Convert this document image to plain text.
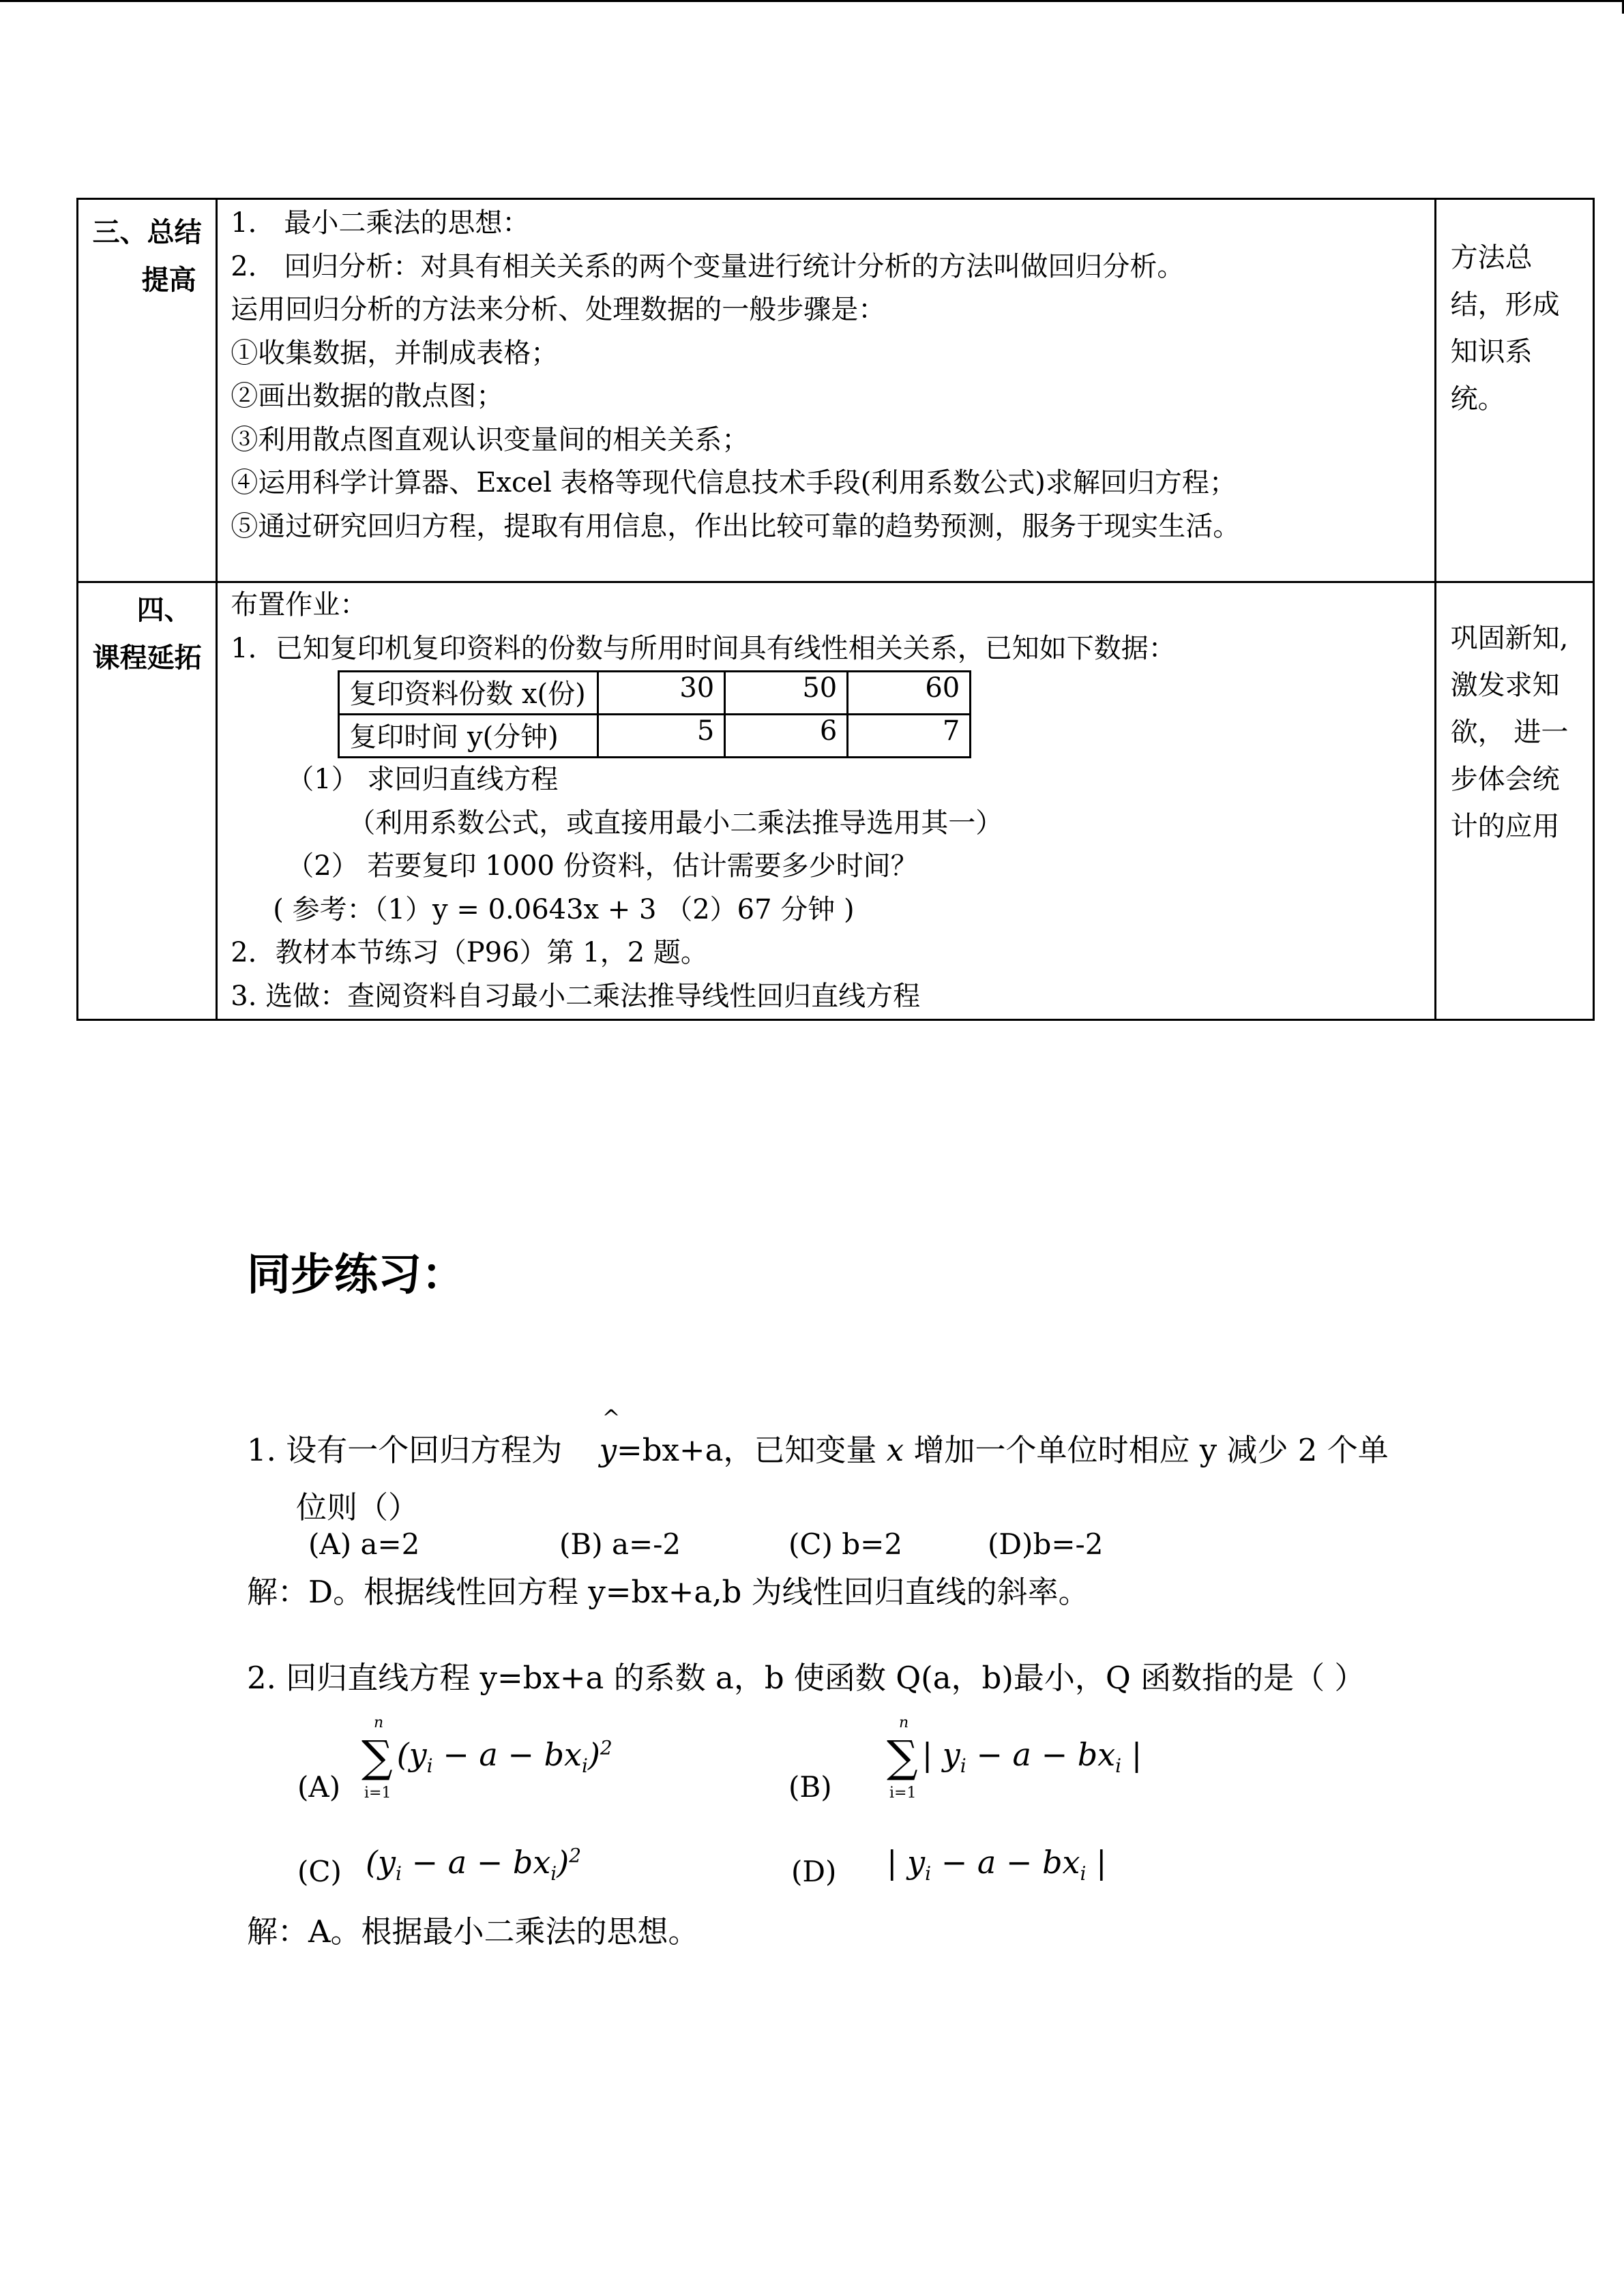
三、总结
提高

1． 最小二乘法的思想：
2． 回归分析：对具有相关关系的两个变量进行统计分析的方法叫做回归分析。
运用回归分析的方法来分析、处理数据的一般步骤是：
①收集数据，并制成表格；
②画出数据的散点图；
③利用散点图直观认识变量间的相关关系；
④运用科学计算器、Excel 表格等现代信息技术手段(利用系数公式)求解回归方程；
⑤通过研究回归方程，提取有用信息，作出比较可靠的趋势预测，服务于现实生活。

方法总

结，形成

知识系

统。

四、
课程延拓

布置作业：
1．已知复印机复印资料的份数与所用时间具有线性相关关系，已知如下数据：
复印资料份数 x(份)	30	50	60
复印时间 y(分钟)	5	6	7
（1） 求回归直线方程
（利用系数公式，或直接用最小二乘法推导选用其一）
（2） 若要复印 1000 份资料，估计需要多少时间？
( 参考：（1）y = 0.0643x + 3 （2）67 分钟 )
2．教材本节练习（P96）第 1，2 题。
3. 选做：查阅资料自习最小二乘法推导线性回归直线方程

巩固新知,

激发求知

欲， 进一

步体会统

计的应用

同步练习：
1. 设有一个回归方程为
^
y=bx+a，已知变量 x 增加一个单位时相应 y 减少 2 个单
位则（）
(A) a=2	(B) a=-2	(C) b=2	(D)b=-2
解：D。根据线性回方程 y=bx+a,b 为线性回归直线的斜率。
2. 回归直线方程 y=bx+a 的系数 a，b 使函数 Q(a，b)最小，Q 函数指的是（ ）
(A)
∑
n
i=1
$(y_i - a - bx_i)^2$
(B)
∑
n
i=1
| $y_i - a - bx_i$ |
(C) $(y_i - a - bx_i)^2$	(D) | $y_i - a - bx_i$ |
解：A。根据最小二乘法的思想。
